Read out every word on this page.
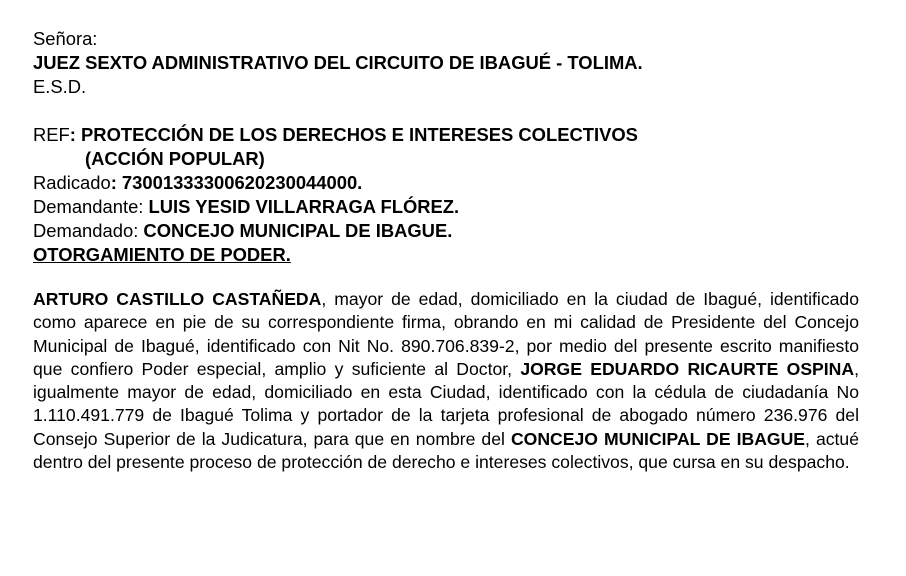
Señora:
JUEZ SEXTO ADMINISTRATIVO DEL CIRCUITO DE IBAGUÉ - TOLIMA.
E.S.D.
REF: PROTECCIÓN DE LOS DERECHOS E INTERESES COLECTIVOS
(ACCIÓN POPULAR)
Radicado: 73001333300620230044000.
Demandante: LUIS YESID VILLARRAGA FLÓREZ.
Demandado: CONCEJO MUNICIPAL DE IBAGUE.
OTORGAMIENTO DE PODER.
ARTURO CASTILLO CASTAÑEDA, mayor de edad, domiciliado en la ciudad de Ibagué, identificado como aparece en pie de su correspondiente firma, obrando en mi calidad de Presidente del Concejo Municipal de Ibagué, identificado con Nit No. 890.706.839-2, por medio del presente escrito manifiesto que confiero Poder especial, amplio y suficiente al Doctor, JORGE EDUARDO RICAURTE OSPINA, igualmente mayor de edad, domiciliado en esta Ciudad, identificado con la cédula de ciudadanía No 1.110.491.779 de Ibagué Tolima y portador de la tarjeta profesional de abogado número 236.976 del Consejo Superior de la Judicatura, para que en nombre del CONCEJO MUNICIPAL DE IBAGUE, actué dentro del presente proceso de protección de derecho e intereses colectivos, que cursa en su despacho.
